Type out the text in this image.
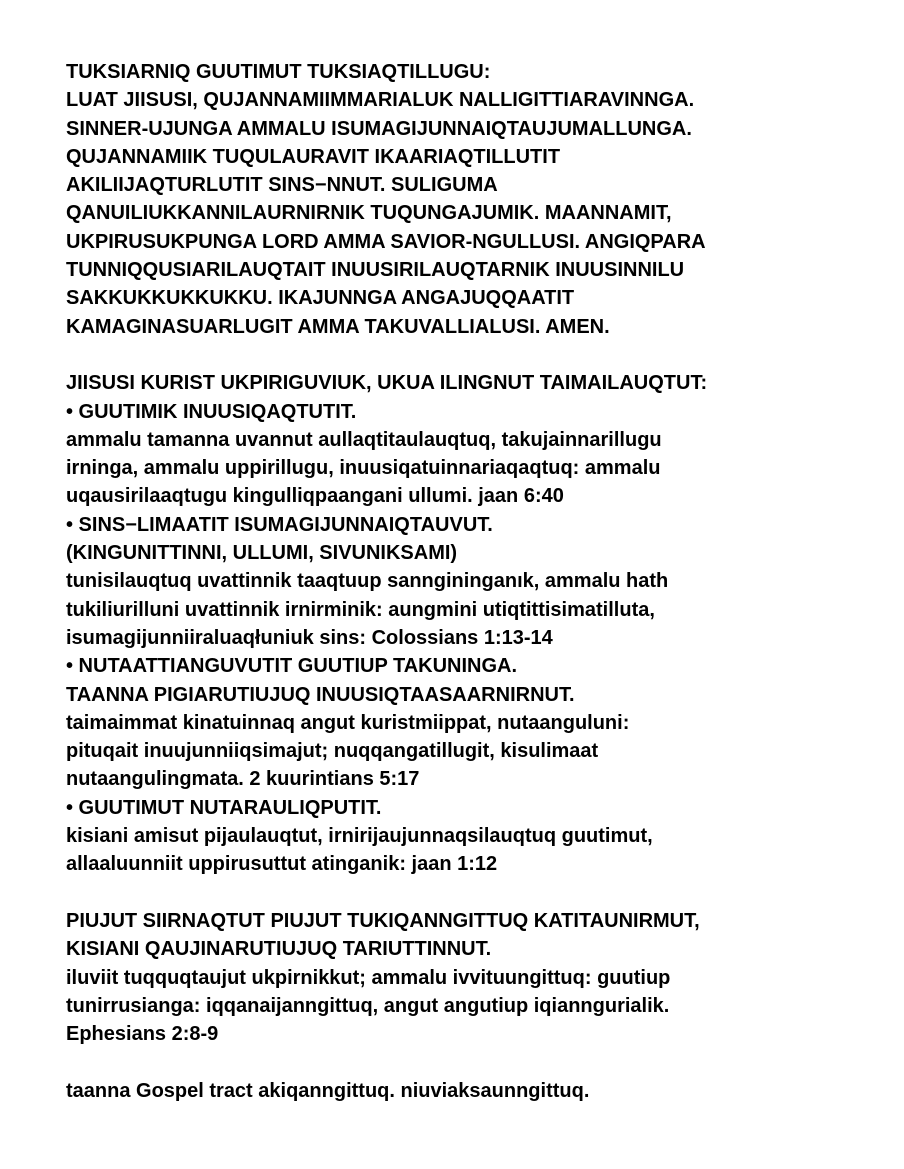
TUKSIARNIQ GUUTIMUT TUKSIAQTILLUGU:
LUAT JIISUSI, QUJANNAMIIMMARIALUK NALLIGITTIARAVINNGA.
SINNER-UJUNGA AMMALU ISUMAGIJUNNAIQTAUJUMALLUNGA.
QUJANNAMIIK TUQULAURAVIT IKAARIAQTILLUTIT
AKILIIJAQTURLUTIT SINS−NNUT. SULIGUMA
QANUILIUKKANNILAURNIRNIK TUQUNGAJUMIK. MAANNAMIT,
UKPIRUSUKPUNGA LORD AMMA SAVIOR-NGULLUSI. ANGIQPARA
TUNNIQQUSIARILAUQTAIT INUUSIRILAUQTARNIK INUUSINNILU
SAKKUKKUKKUKKU. IKAJUNNGA ANGAJUQQAATIT
KAMAGINASUARLUGIT AMMA TAKUVALLIALUSI. AMEN.
JIISUSI KURIST UKPIRIGUVIUK, UKUA ILINGNUT TAIMAILAUQTUT:
• GUUTIMIK INUUSIQAQTUTIT.
ammalu tamanna uvannut aullaqtitaulauqtuq, takujainnarillugu
irninga, ammalu uppirillugu, inuusiqatuinnariaqaqtuq: ammalu
uqausirilaaqtugu kingulliqpaangani ullumi. jaan 6:40
• SINS−LIMAATIT ISUMAGIJUNNAIQTAUVUT.
(KINGUNITTINNI, ULLUMI, SIVUNIKSAMI)
tunisilauqtuq uvattinnik taaqtuup sanngininganık, ammalu hath
tukiliurilluni uvattinnik irnirminik: aungmini utiqtittisimatilluta,
isumagijunniiraluaqłuniuk sins: Colossians 1:13-14
• NUTAATTIANGUVUTIT GUUTIUP TAKUNINGA.
TAANNA PIGIARUTIUJUQ INUUSIQTAASAARNIRNUT.
taimaimmat kinatuinnaq angut kuristmiippat, nutaanguluni:
pituqait inuujunniiqsimajut; nuqqangatillugit, kisulimaat
nutaangulingmata. 2 kuurintians 5:17
• GUUTIMUT NUTARAULIQPUTIT.
kisiani amisut pijaulauqtut, irnirijaujunnaqsilauqtuq guutimut,
allaaluunniit uppirusuttut atinganik: jaan 1:12
PIUJUT SIIRNAQTUT PIUJUT TUKIQANNGITTUQ KATITAUNIRMUT,
KISIANI QAUJINARUTIUJUQ TARIUTTINNUT.
iluviit tuqquqtaujut ukpirnikkut; ammalu ivvituungittuq: guutiup
tunirrusianga: iqqanaijanngittuq, angut angutiup iqianngurialik.
Ephesians 2:8-9
taanna Gospel tract akiqanngittuq. niuviaksaunngittuq.
